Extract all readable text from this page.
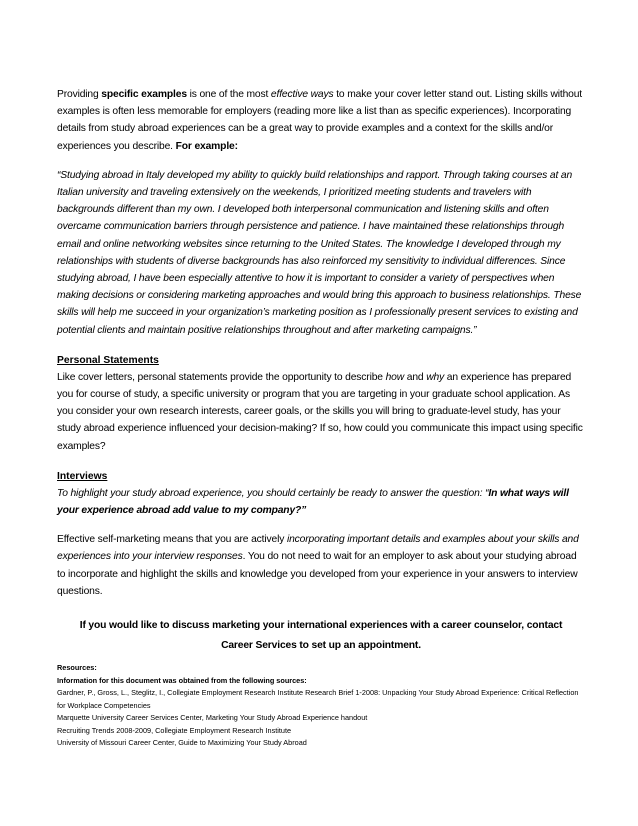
Providing specific examples is one of the most effective ways to make your cover letter stand out. Listing skills without examples is often less memorable for employers (reading more like a list than as specific experiences). Incorporating details from study abroad experiences can be a great way to provide examples and a context for the skills and/or experiences you describe. For example:

“Studying abroad in Italy developed my ability to quickly build relationships and rapport. Through taking courses at an Italian university and traveling extensively on the weekends, I prioritized meeting students and travelers with backgrounds different than my own. I developed both interpersonal communication and listening skills and often overcame communication barriers through persistence and patience. I have maintained these relationships through email and online networking websites since returning to the United States. The knowledge I developed through my relationships with students of diverse backgrounds has also reinforced my sensitivity to individual differences. Since studying abroad, I have been especially attentive to how it is important to consider a variety of perspectives when making decisions or considering marketing approaches and would bring this approach to business relationships. These skills will help me succeed in your organization’s marketing position as I professionally present services to existing and potential clients and maintain positive relationships throughout and after marketing campaigns.”

Personal Statements

Like cover letters, personal statements provide the opportunity to describe how and why an experience has prepared you for course of study, a specific university or program that you are targeting in your graduate school application. As you consider your own research interests, career goals, or the skills you will bring to graduate-level study, has your study abroad experience influenced your decision-making? If so, how could you communicate this impact using specific examples?

Interviews

To highlight your study abroad experience, you should certainly be ready to answer the question: “In what ways will your experience abroad add value to my company?”

Effective self-marketing means that you are actively incorporating important details and examples about your skills and experiences into your interview responses. You do not need to wait for an employer to ask about your studying abroad to incorporate and highlight the skills and knowledge you developed from your experience in your answers to interview questions.

If you would like to discuss marketing your international experiences with a career counselor, contact Career Services to set up an appointment.

Resources:

Information for this document was obtained from the following sources:

Gardner, P., Gross, L., Steglitz, I., Collegiate Employment Research Institute Research Brief 1-2008: Unpacking Your Study Abroad Experience: Critical Reflection for Workplace Competencies

Marquette University Career Services Center, Marketing Your Study Abroad Experience handout

Recruiting Trends 2008-2009, Collegiate Employment Research Institute

University of Missouri Career Center, Guide to Maximizing Your Study Abroad
